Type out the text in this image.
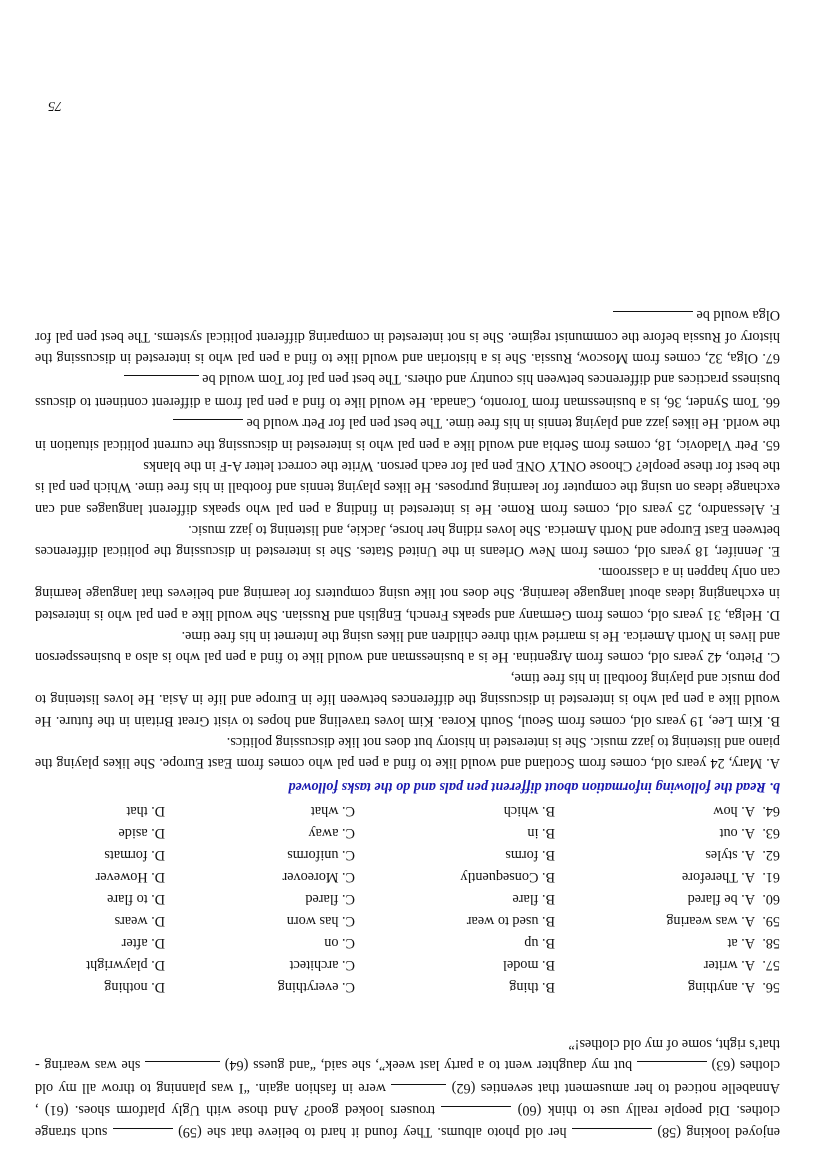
enjoyed looking (58)  her old photo albums. They found it hard to believe that she (59)  such strange clothes. Did people really use to think (60)  trousers looked good? And those with Ugly platform shoes. (61) , Annabelle noticed to her amusement that seventies (62)  were in fashion again. “I was planning to throw all my old clothes (63)  but my daughter went to a party last week”, she said, “and guess (64)  she was wearing - that’s right, some of my old clothes!”

56.
A. anything
B. thing
C. everything
D. nothing
57.
A. writer
B. model
C. architect
D. playwright
58.
A. at
B. up
C. on
D. after
59.
A. was wearing
B. used to wear
C. has worn
D. wears
60.
A. be flared
B. flare
C. flared
D. to flare
61.
A. Therefore
B. Consequently
C. Moreover
D. However
62.
A. styles
B. forms
C. uniforms
D. formats
63.
A. out
B. in
C. away
D. aside
64.
A. how
B. which
C. what
D. that
b. Read the following information about different pen pals and do the tasks followed

A. Mary, 24 years old, comes from Scotland and would like to find a pen pal who comes from East Europe. She likes playing the piano and listening to jazz music. She is interested in history but does not like discussing politics.

B. Kim Lee, 19 years old, comes from Seoul, South Korea. Kim loves traveling and hopes to visit Great Britain in the future. He would like a pen pal who is interested in discussing the differences between life in Europe and life in Asia. He loves listening to pop music and playing football in his free time,

C. Pietro, 42 years old, comes from Argentina. He is a businessman and would like to find a pen pal who is also a businessperson and lives in North America. He is married with three children and likes using the Internet in his free time.

D. Helga, 31 years old, comes from Germany and speaks French, English and Russian. She would like a pen pal who is interested in exchanging ideas about language learning. She does not like using computers for learning and believes that language learning can only happen in a classroom.

E. Jennifer, 18 years old, comes from New Orleans in the United States. She is interested in discussing the political differences between East Europe and North America. She loves riding her horse, Jackie, and listening to jazz music.

F. Alessandro, 25 years old, comes from Rome. He is interested in finding a pen pal who speaks different languages and can exchange ideas on using the computer for learning purposes. He likes playing tennis and football in his free time. Which pen pal is the best for these people? Choose ONLY ONE pen pal for each person. Write the correct letter A-F in the blanks

65. Petr Vladovic, 18, comes from Serbia and would like a pen pal who is interested in discussing the current political situation in the world. He likes jazz and playing tennis in his free time. The best pen pal for Petr would be

66. Tom Synder, 36, is a businessman from Toronto, Canada. He would like to find a pen pal from a different continent to discuss business practices and differences between his country and others. The best pen pal for Tom would be

67. Olga, 32, comes from Moscow, Russia. She is a historian and would like to find a pen pal who is interested in discussing the history of Russia before the communist regime. She is not interested in comparing different political systems. The best pen pal for Olga would be

75
